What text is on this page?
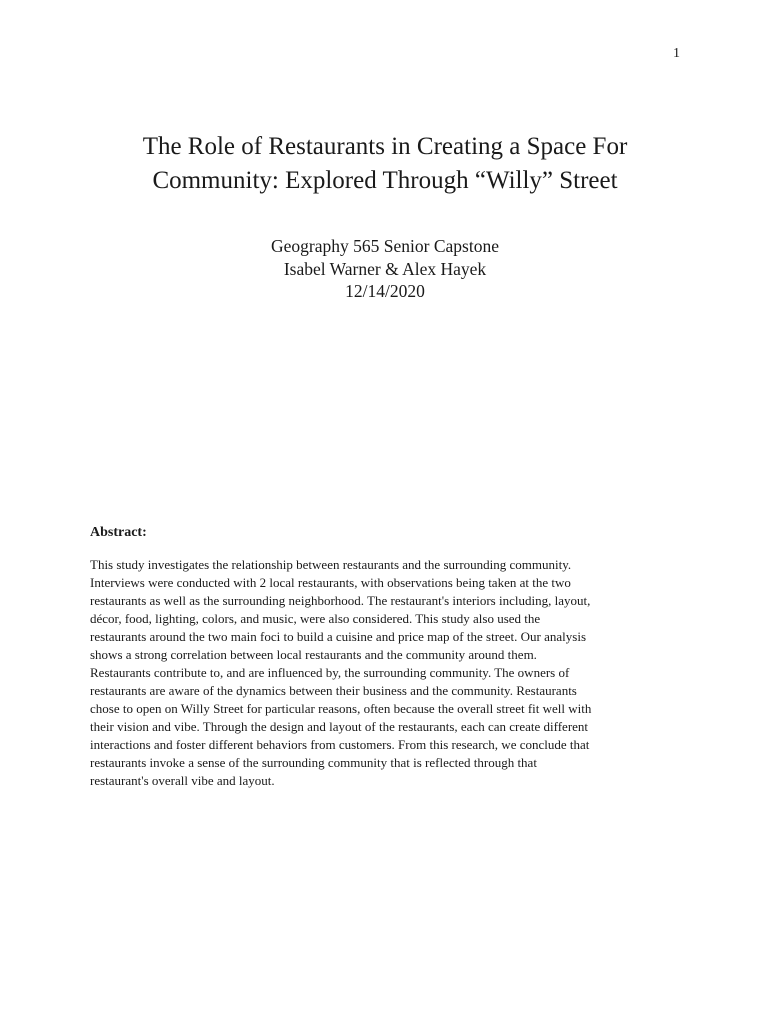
1
The Role of Restaurants in Creating a Space For
Community: Explored Through “Willy” Street
Geography 565 Senior Capstone
Isabel Warner & Alex Hayek
12/14/2020
Abstract:

This study investigates the relationship between restaurants and the surrounding community.
Interviews were conducted with 2 local restaurants, with observations being taken at the two
restaurants as well as the surrounding neighborhood. The restaurant's interiors including, layout,
décor, food, lighting, colors, and music, were also considered. This study also used the
restaurants around the two main foci to build a cuisine and price map of the street. Our analysis
shows a strong correlation between local restaurants and the community around them.
Restaurants contribute to, and are influenced by, the surrounding community. The owners of
restaurants are aware of the dynamics between their business and the community. Restaurants
chose to open on Willy Street for particular reasons, often because the overall street fit well with
their vision and vibe. Through the design and layout of the restaurants, each can create different
interactions and foster different behaviors from customers. From this research, we conclude that
restaurants invoke a sense of the surrounding community that is reflected through that
restaurant's overall vibe and layout.
